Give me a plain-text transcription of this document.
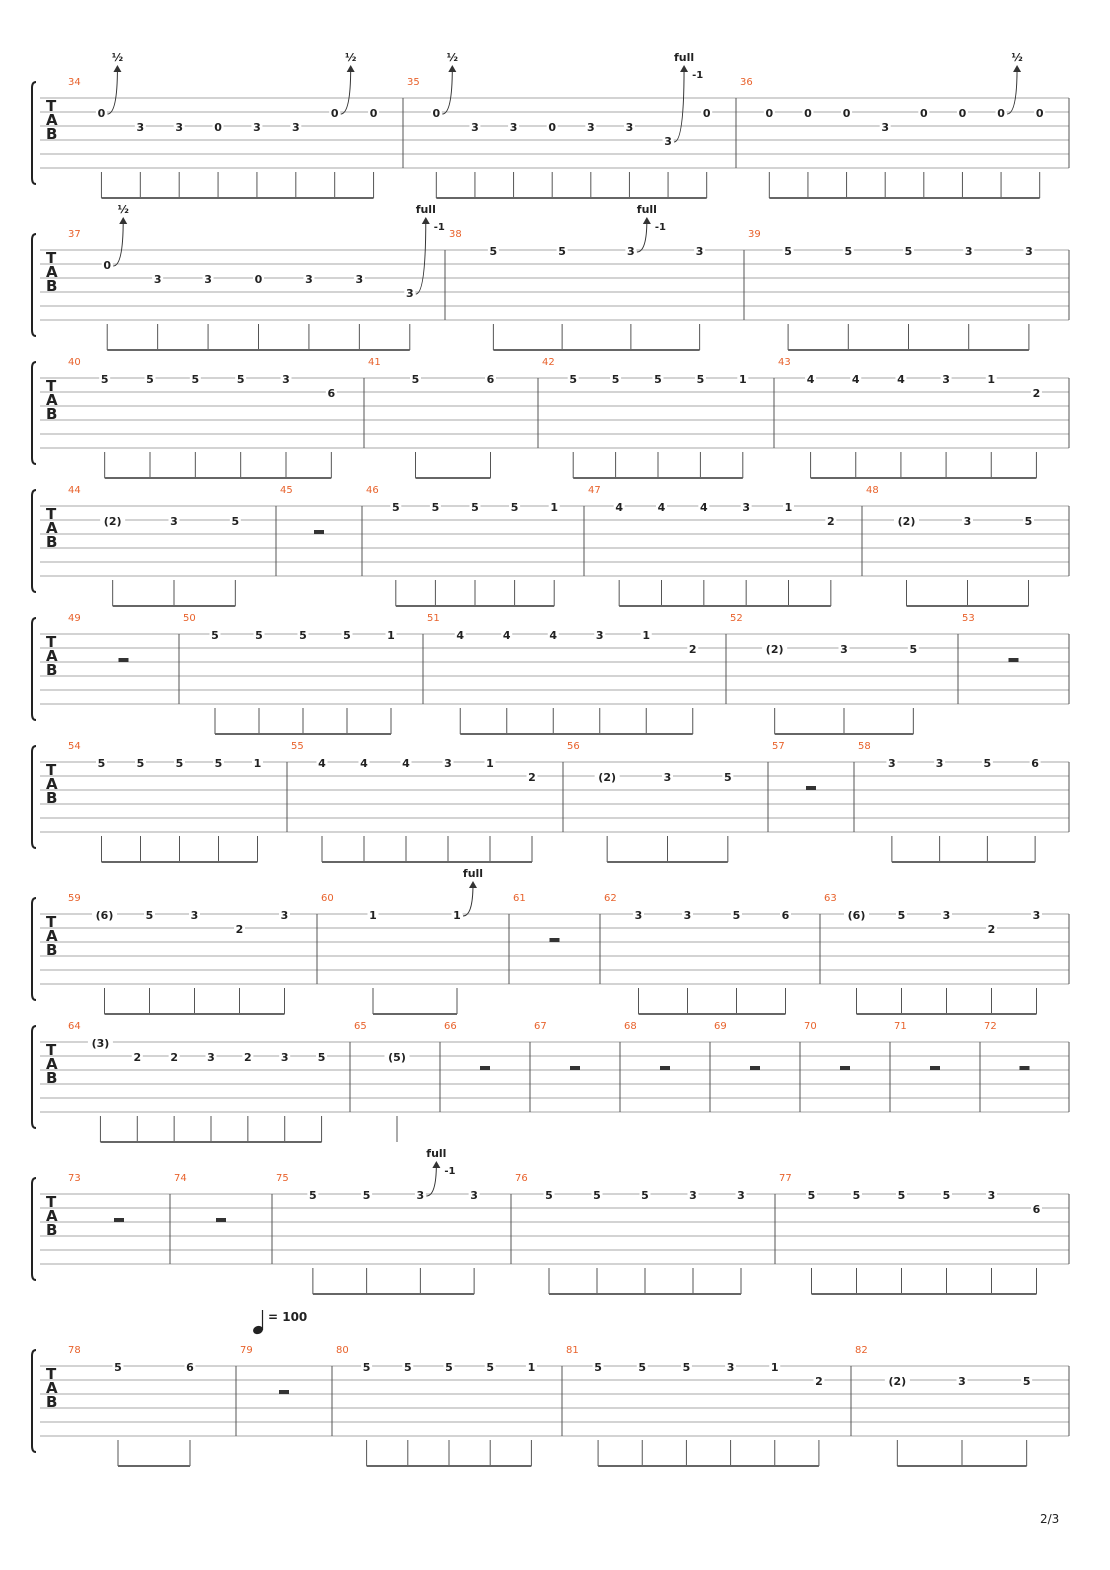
= 100
T
A
B
34
0
½
3	3	0	3	3
0
½
0
35
0
½
3	3	0	3	3
3
full
-1
0
36
0	0	0
3
0	0	0
½
0
T
A
B
37
0
½
3	3	0	3	3
3
full
-1
38
5	5	3
full
-1
3
39
5	5	5	3	3
T
A
B
40
5	5	5	5	3
6
41
5	6
42
5	5	5	5	1
43
4	4	4	3	1
2
T
A
B
44
(2)	3	5
45	46
5	5	5	5	1
47
4	4	4	3	1
2
48
(2)	3	5
T
A
B
49	50
5	5	5	5	1
51
4	4	4	3	1
2
52
(2)	3	5
53
T
A
B
54
5	5	5	5	1
55
4	4	4	3	1
2
56
(2)	3	5
57	58
3	3	5	6
T
A
B
59
(6)	5	3
2
3
60
1	1
full
61	62
3	3	5	6
63
(6)	5	3
2
3
T
A
B
64
(3)
2	2	3	2	3	5
65
(5)
66	67	68	69	70	71	72
T
A
B
73	74	75
5	5	3
full
-1
3
76
5	5	5	3	3
77
5	5	5	5	3
6
T
A
B
78
5	6
79	80
5	5	5	5	1
81
5	5	5	3	1
2
82
(2)	3	5
2/3
